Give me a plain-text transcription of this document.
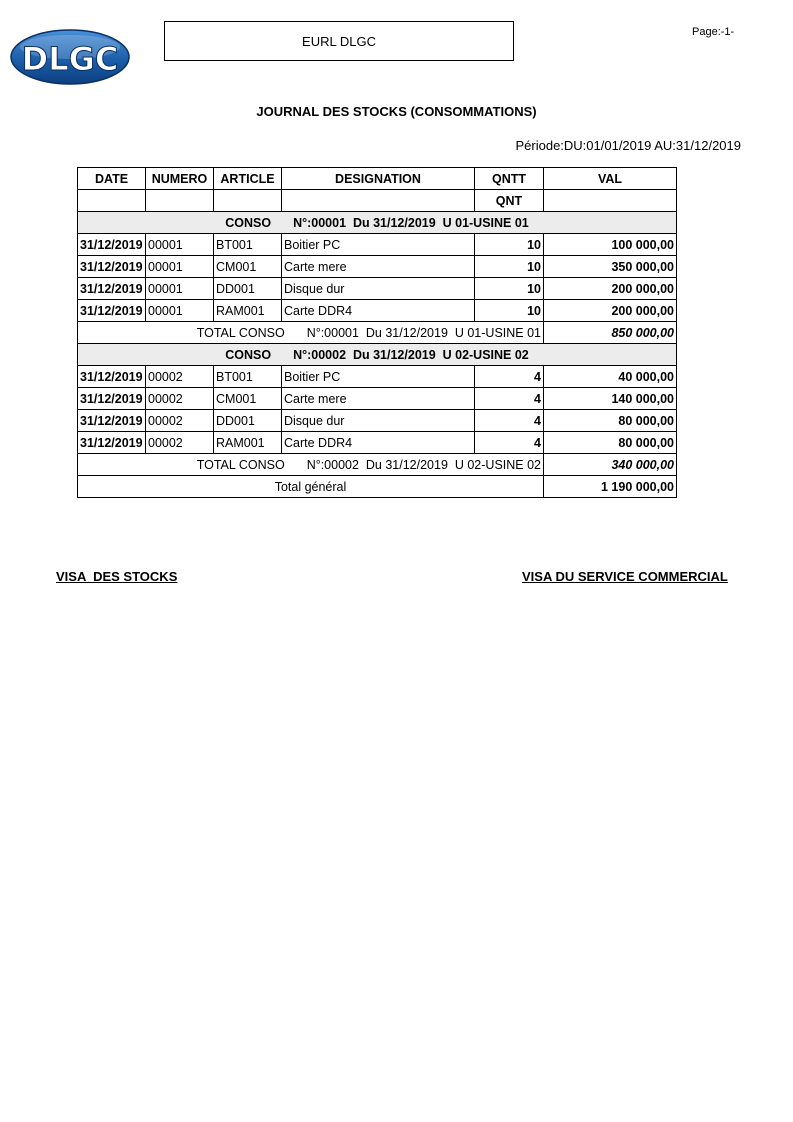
DLGC	EURL DLGC
Page:-1-
JOURNAL DES STOCKS (CONSOMMATIONS)
Période:DU:01/01/2019 AU:31/12/2019
DATE	NUMERO	ARTICLE	DESIGNATION	QNTT	VAL
				QNT	
CONSO N°:00001  Du 31/12/2019  U 01-USINE 01					
31/12/2019	00001	BT001	Boitier PC	10	100 000,00
31/12/2019	00001	CM001	Carte mere	10	350 000,00
31/12/2019	00001	DD001	Disque dur	10	200 000,00
31/12/2019	00001	RAM001	Carte DDR4	10	200 000,00
TOTAL CONSO N°:00001  Du 31/12/2019  U 01-USINE 01					850 000,00
CONSO N°:00002  Du 31/12/2019  U 02-USINE 02					
31/12/2019	00002	BT001	Boitier PC	4	40 000,00
31/12/2019	00002	CM001	Carte mere	4	140 000,00
31/12/2019	00002	DD001	Disque dur	4	80 000,00
31/12/2019	00002	RAM001	Carte DDR4	4	80 000,00
TOTAL CONSO N°:00002  Du 31/12/2019  U 02-USINE 02					340 000,00
Total général					1 190 000,00
VISA  DES STOCKS	VISA DU SERVICE COMMERCIAL
